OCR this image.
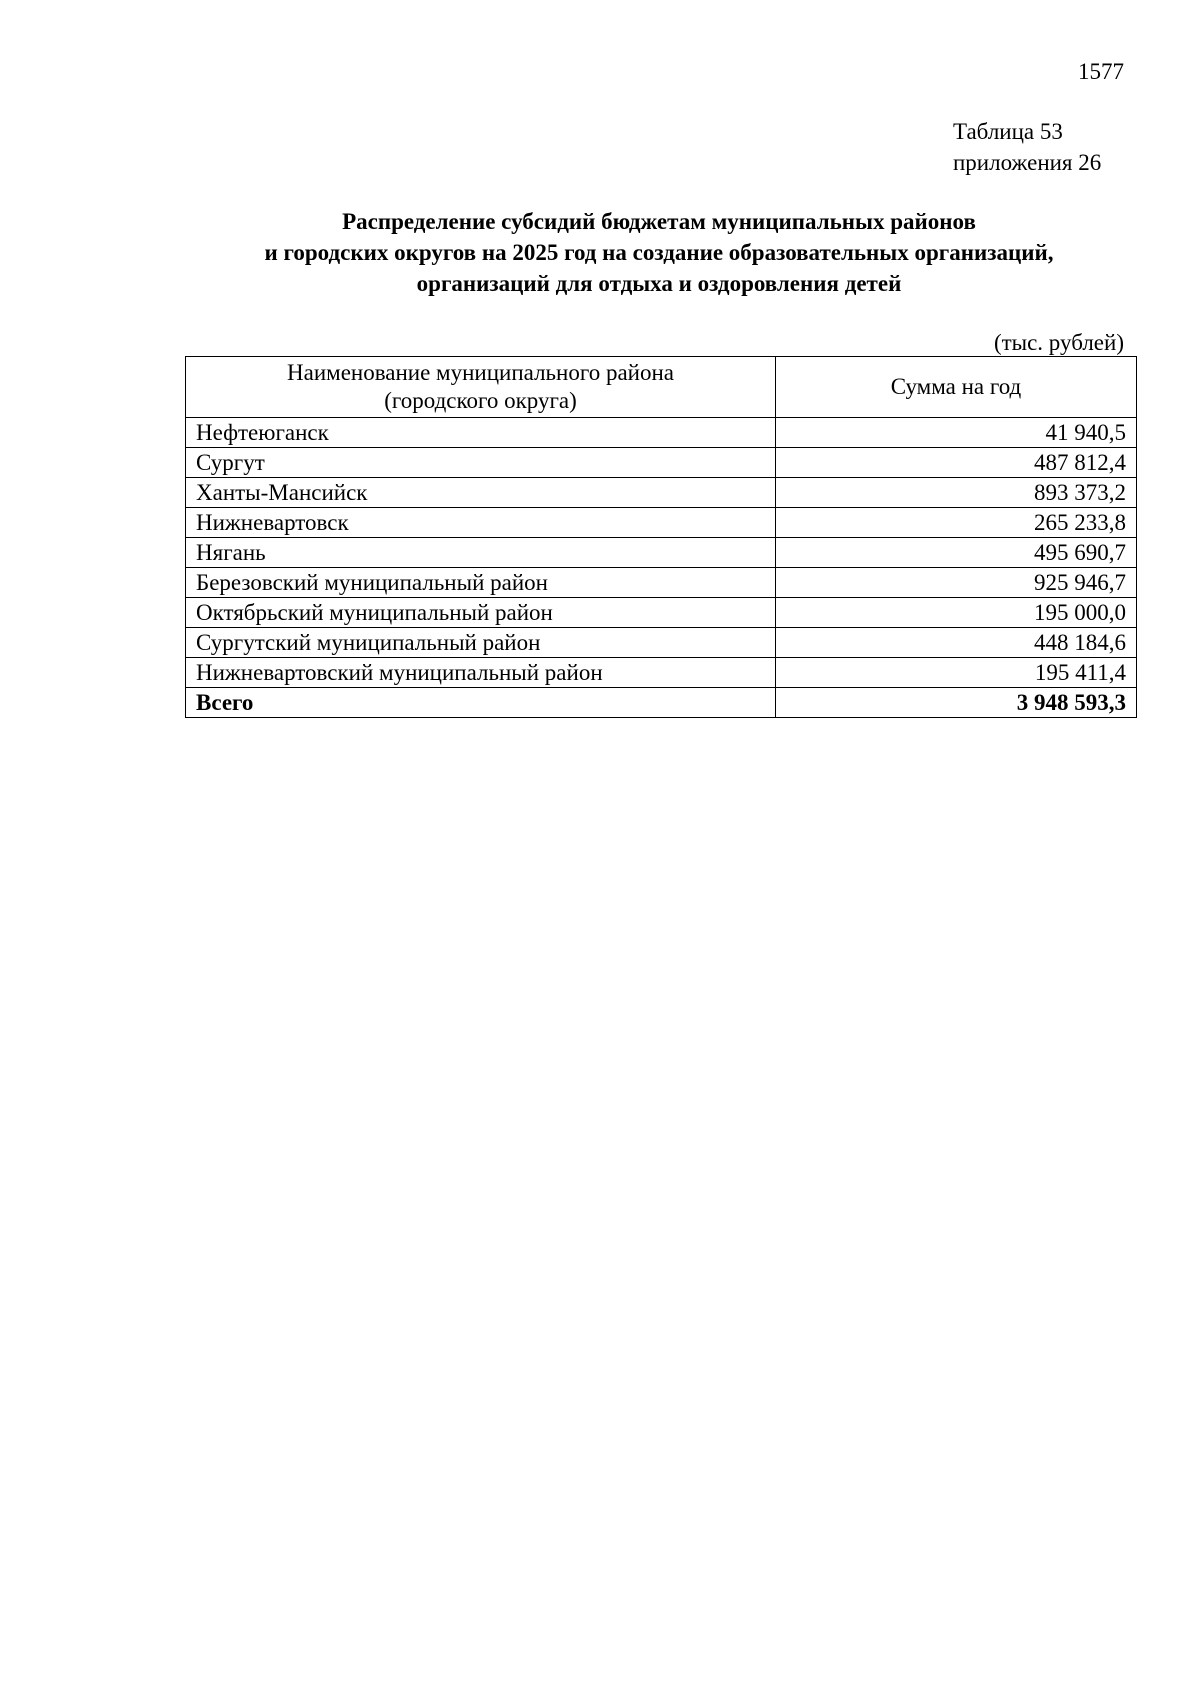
1577
Таблица 53
приложения 26
Распределение субсидий бюджетам муниципальных районов
и городских округов на 2025 год на создание образовательных организаций,
организаций для отдыха и оздоровления детей
(тыс. рублей)
Наименование муниципального района
(городского округа)	Сумма на год
Нефтеюганск	41 940,5
Сургут	487 812,4
Ханты-Мансийск	893 373,2
Нижневартовск	265 233,8
Нягань	495 690,7
Березовский муниципальный район	925 946,7
Октябрьский муниципальный район	195 000,0
Сургутский муниципальный район	448 184,6
Нижневартовский муниципальный район	195 411,4
Всего	3 948 593,3
